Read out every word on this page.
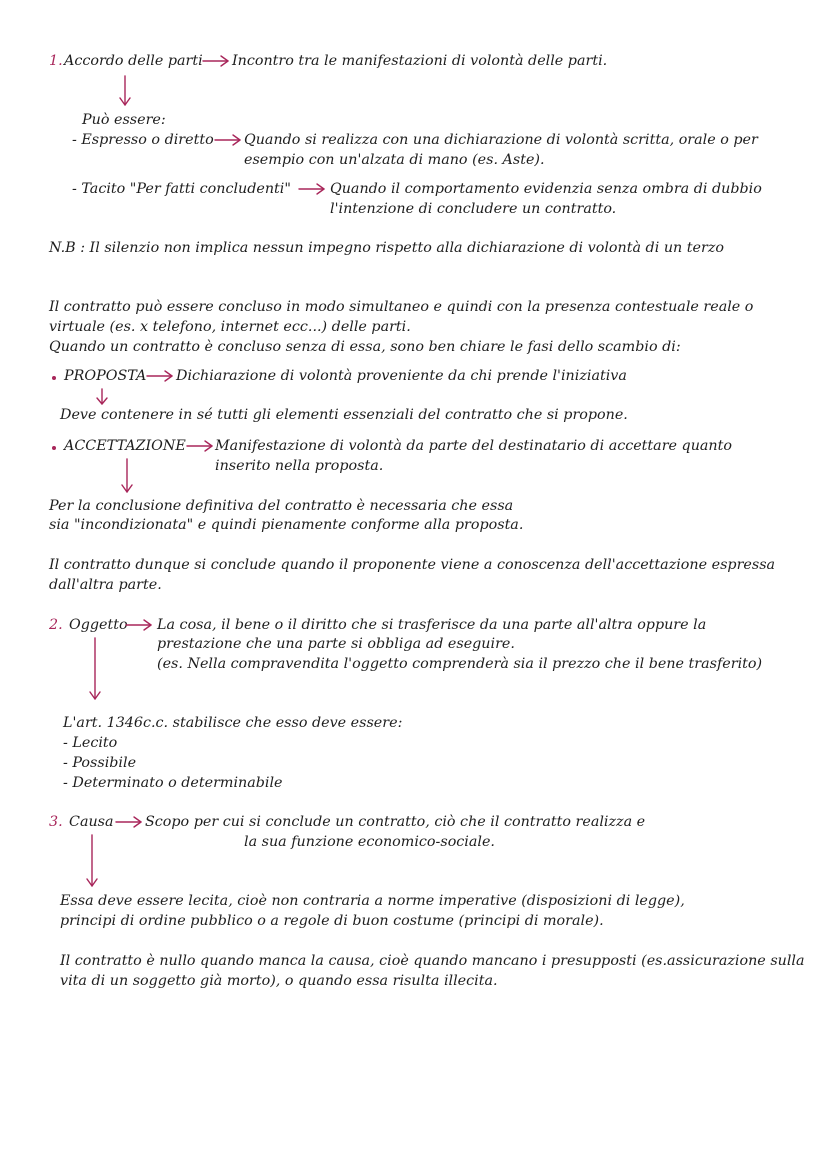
1. Accordo delle parti Incontro tra le manifestazioni di volontà delle parti.
Può essere:
- Espresso o diretto Quando si realizza con una dichiarazione di volontà scritta, orale o per
esempio con un'alzata di mano (es. Aste).
- Tacito "Per fatti concludenti"	Quando il comportamento evidenzia senza ombra di dubbio
l'intenzione di concludere un contratto.
N.B : Il silenzio non implica nessun impegno rispetto alla dichiarazione di volontà di un terzo
Il contratto può essere concluso in modo simultaneo e quindi con la presenza contestuale reale o
virtuale (es. x telefono, internet ecc...) delle parti.
Quando un contratto è concluso senza di essa, sono ben chiare le fasi dello scambio di:
PROPOSTA Dichiarazione di volontà proveniente da chi prende l'iniziativa
Deve contenere in sé tutti gli elementi essenziali del contratto che si propone.
ACCETTAZIONE Manifestazione di volontà da parte del destinatario di accettare quanto
inserito nella proposta.
Per la conclusione definitiva del contratto è necessaria che essa
sia "incondizionata" e quindi pienamente conforme alla proposta.
Il contratto dunque si conclude quando il proponente viene a conoscenza dell'accettazione espressa
dall'altra parte.
2. Oggetto La cosa, il bene o il diritto che si trasferisce da una parte all'altra oppure la
prestazione che una parte si obbliga ad eseguire.
(es. Nella compravendita l'oggetto comprenderà sia il prezzo che il bene trasferito)
L'art. 1346c.c. stabilisce che esso deve essere:
- Lecito
- Possibile
- Determinato o determinabile
3. Causa Scopo per cui si conclude un contratto, ciò che il contratto realizza e
la sua funzione economico-sociale.
Essa deve essere lecita, cioè non contraria a norme imperative (disposizioni di legge),
principi di ordine pubblico o a regole di buon costume (principi di morale).
Il contratto è nullo quando manca la causa, cioè quando mancano i presupposti (es.assicurazione sulla
vita di un soggetto già morto), o quando essa risulta illecita.
